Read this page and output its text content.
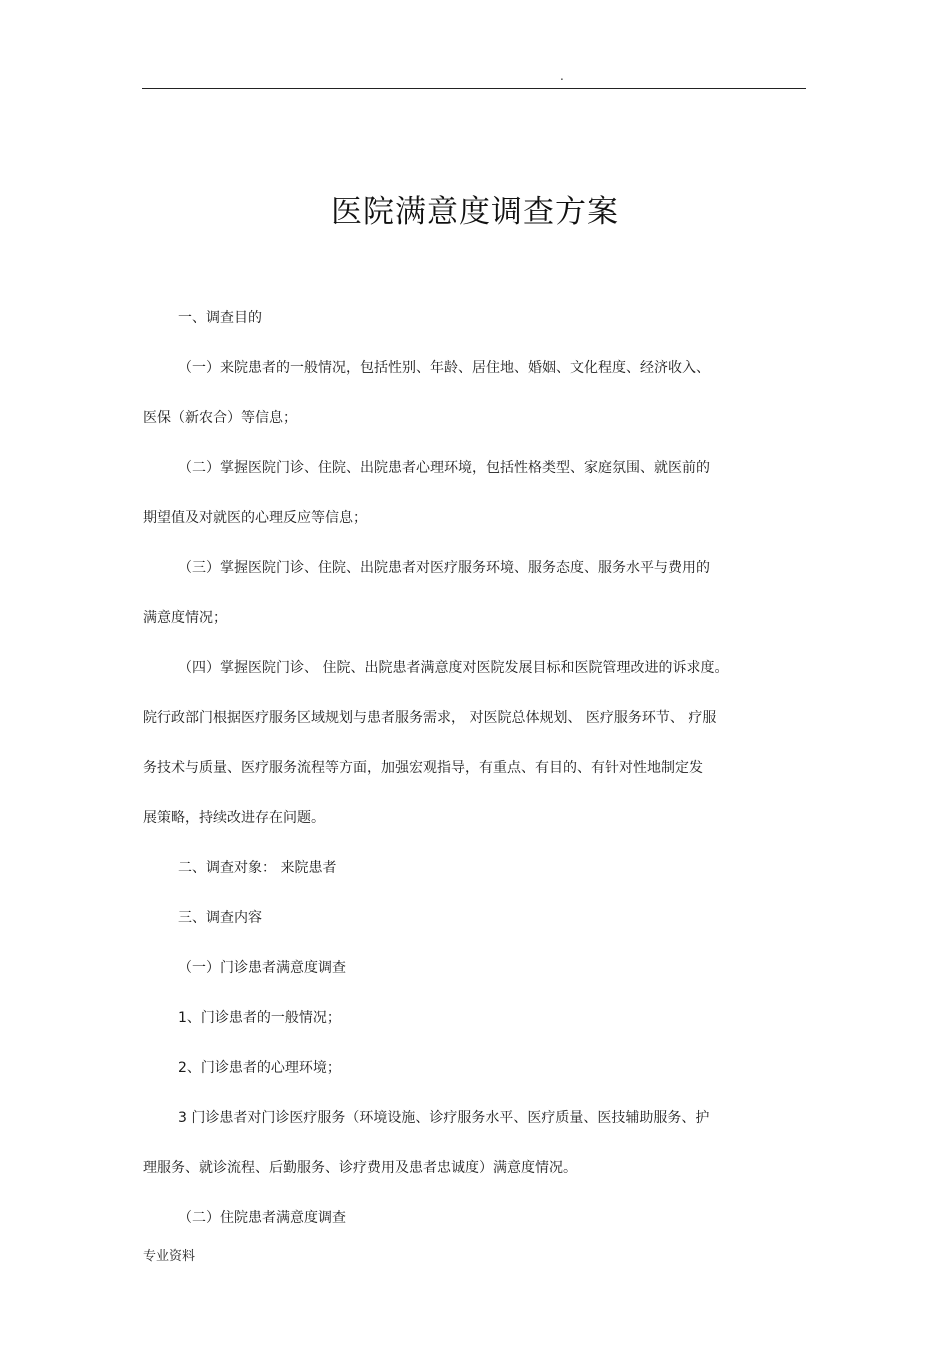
.
医院满意度调查方案
一、调查目的
（一）来院患者的一般情况，包括性别、年龄、居住地、婚姻、文化程度、经济收入、
医保（新农合）等信息；
（二）掌握医院门诊、住院、出院患者心理环境，包括性格类型、家庭氛围、就医前的
期望值及对就医的心理反应等信息；
（三）掌握医院门诊、住院、出院患者对医疗服务环境、服务态度、服务水平与费用的
满意度情况；
（四）掌握医院门诊、 住院、出院患者满意度对医院发展目标和医院管理改进的诉求度。
院行政部门根据医疗服务区域规划与患者服务需求， 对医院总体规划、 医疗服务环节、 疗服
务技术与质量、医疗服务流程等方面，加强宏观指导，有重点、有目的、有针对性地制定发
展策略，持续改进存在问题。
二、调查对象： 来院患者
三、调查内容
（一）门诊患者满意度调查
1、门诊患者的一般情况；
2、门诊患者的心理环境；
3 门诊患者对门诊医疗服务（环境设施、诊疗服务水平、医疗质量、医技辅助服务、护
理服务、就诊流程、后勤服务、诊疗费用及患者忠诚度）满意度情况。
（二）住院患者满意度调查
专业资料
